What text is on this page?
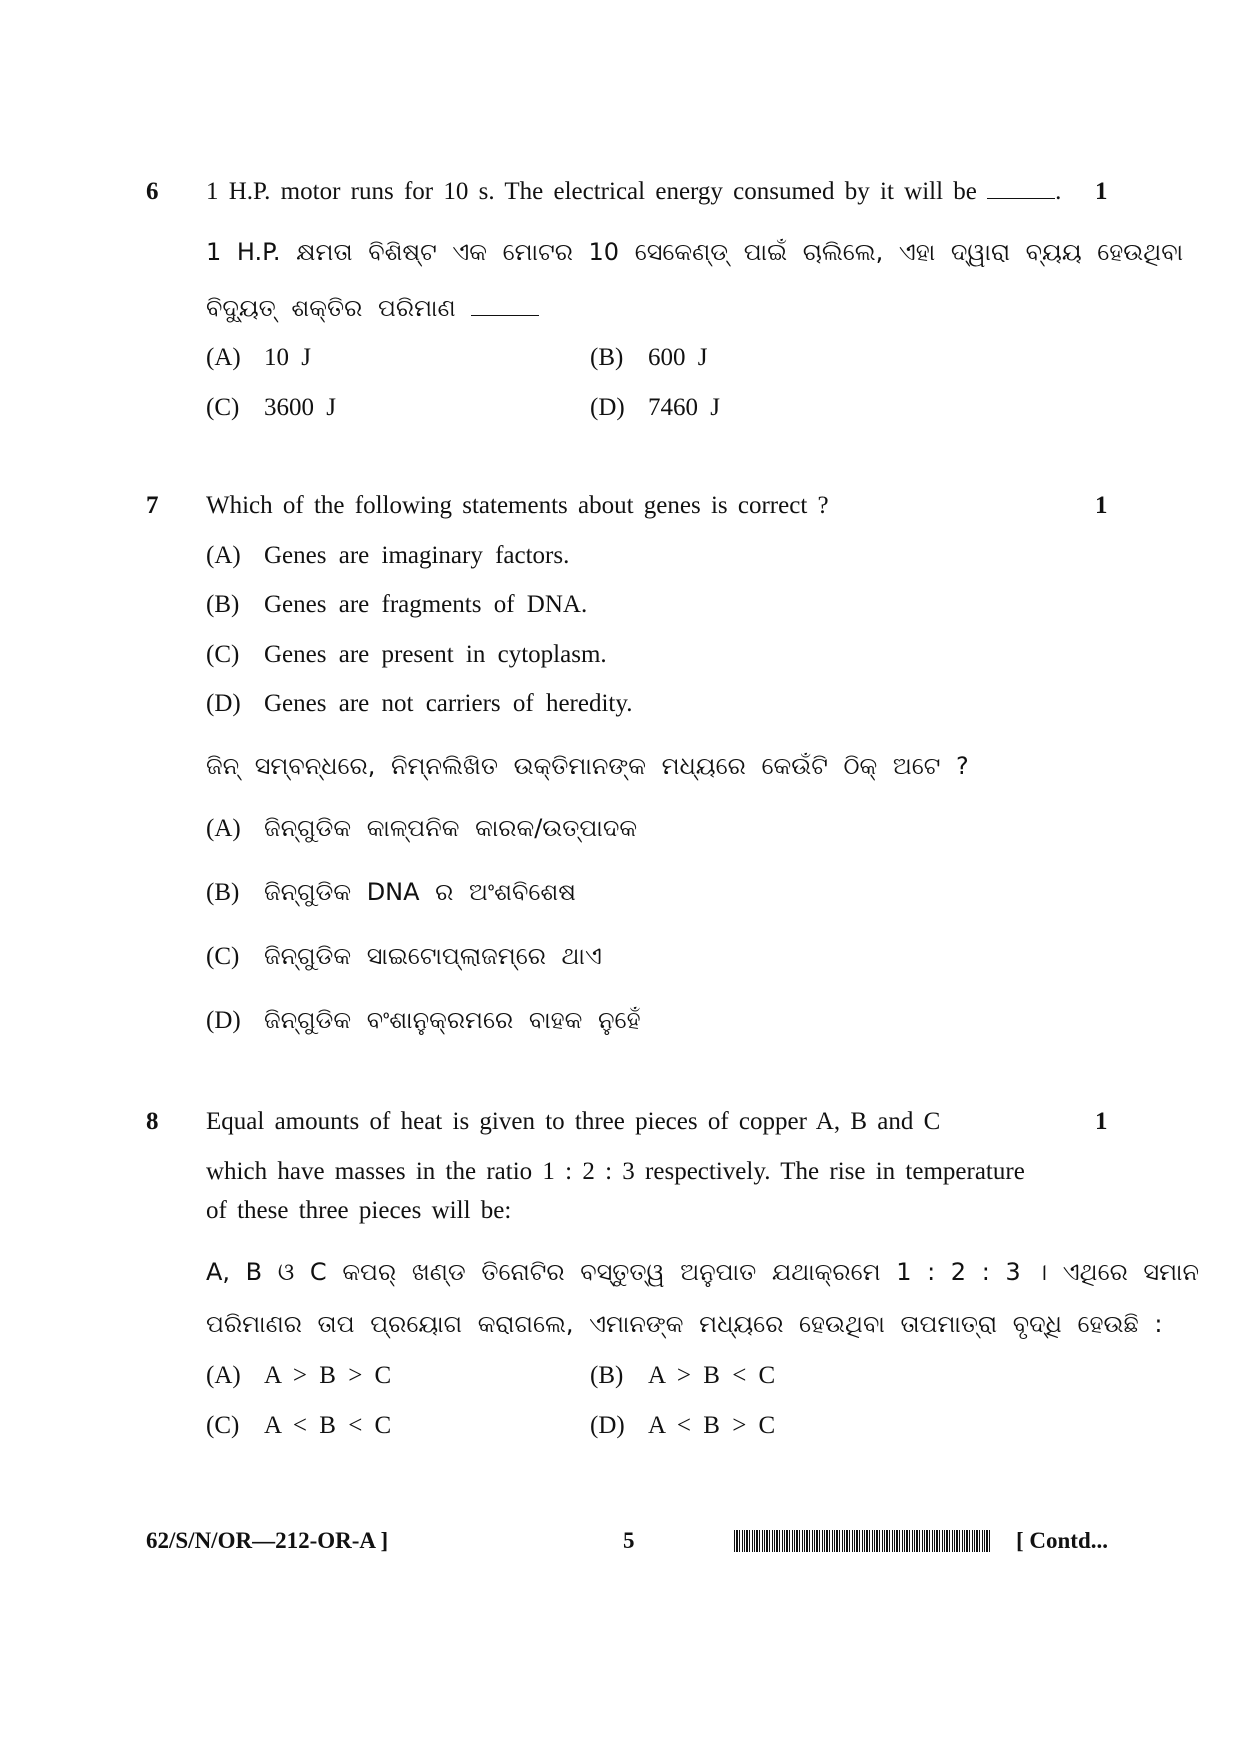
6	1
1 H.P. motor runs for 10 s. The electrical energy consumed by it will be	.
1 H.P. କ୍ଷମତା ବିଶିଷ୍ଟ ଏକ ମୋଟର 10 ସେକେଣ୍ଡ୍ ପାଇଁ ଚାଲିଲେ, ଏହା ଦ୍ୱାରା ବ୍ୟୟ ହେଉଥିବା
ବିଦ୍ୟୁତ୍ ଶକ୍ତିର ପରିମାଣ
(A) 10 J	(B) 600 J
(C) 3600 J	(D) 7460 J
7	1
Which of the following statements about genes is correct ?
(A) Genes are imaginary factors.
(B) Genes are fragments of DNA.
(C) Genes are present in cytoplasm.
(D) Genes are not carriers of heredity.
ଜିନ୍ ସମ୍ବନ୍ଧରେ, ନିମ୍ନଲିଖିତ ଉକ୍ତିମାନଙ୍କ ମଧ୍ୟରେ କେଉଁଟି ଠିକ୍ ଅଟେ ?
(A) ଜିନ୍‌ଗୁଡିକ କାଳ୍ପନିକ କାରକ/ଉତ୍ପାଦକ
(B) ଜିନ୍‌ଗୁଡିକ DNA ର ଅଂଶବିଶେଷ
(C) ଜିନ୍‌ଗୁଡିକ ସାଇଟୋପ୍ଲାଜମ୍‌ରେ ଥାଏ
(D) ଜିନ୍‌ଗୁଡିକ ବଂଶାନୁକ୍ରମରେ ବାହକ ନୁହେଁ
8	1
Equal amounts of heat is given to three pieces of copper A, B and C
which have masses in the ratio 1 : 2 : 3 respectively. The rise in temperature
of these three pieces will be:
A, B ଓ C କପର୍ ଖଣ୍ଡ ତିନୋଟିର ବସ୍ତୁତ୍ୱ ଅନୁପାତ ଯଥାକ୍ରମେ 1 : 2 : 3 । ଏଥିରେ ସମାନ
ପରିମାଣର ତାପ ପ୍ରୟୋଗ କରାଗଲେ, ଏମାନଙ୍କ ମଧ୍ୟରେ ହେଉଥିବା ତାପମାତ୍ରା ବୃଦ୍ଧି ହେଉଛି :
(A) A > B > C	(B) A > B < C
(C) A < B < C	(D) A < B > C
62/S/N/OR—212-OR-A ]	5	[ Contd...
